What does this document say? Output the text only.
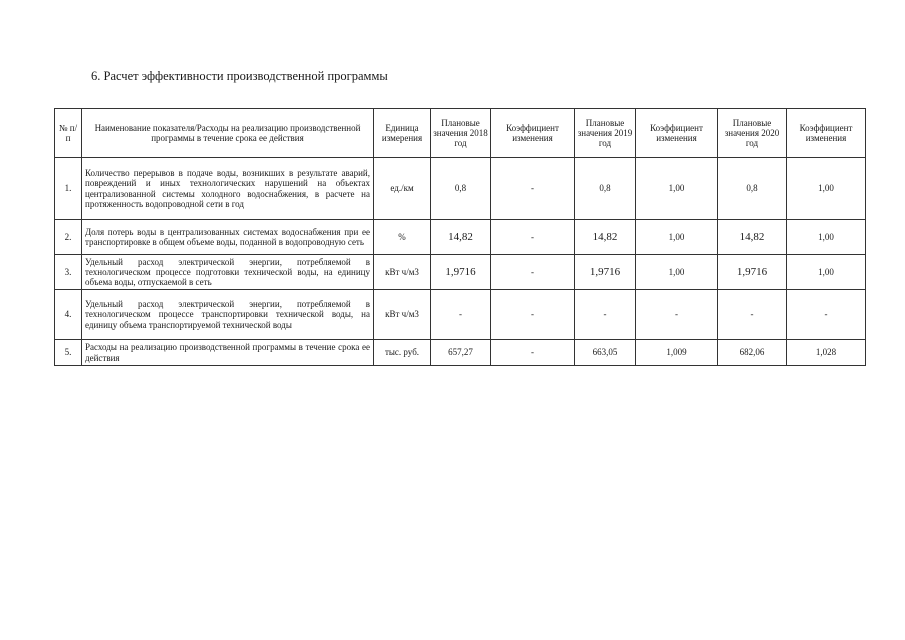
6. Расчет эффективности производственной программы
№ п/п	Наименование показателя/Расходы на реализацию производственной программы в течение срока ее действия	Единица измерения	Плановые значения 2018 год	Коэффициент изменения	Плановые значения 2019 год	Коэффициент изменения	Плановые значения 2020 год	Коэффициент изменения
1.	Количество перерывов в подаче воды, возникших в результате аварий, повреждений и иных технологических нарушений на объектах централизованной системы холодного водоснабжения, в расчете на протяженность водопроводной сети в год	ед./км	0,8	-	0,8	1,00	0,8	1,00
2.	Доля потерь воды в централизованных системах водоснабжения при ее транспортировке в общем объеме воды, поданной в водопроводную сеть	%	14,82	-	14,82	1,00	14,82	1,00
3.	Удельный расход электрической энергии, потребляемой в технологическом процессе подготовки технической воды, на единицу объема воды, отпускаемой в сеть	кВт ч/м3	1,9716	-	1,9716	1,00	1,9716	1,00
4.	Удельный расход электрической энергии, потребляемой в технологическом процессе транспортировки технической воды, на единицу объема транспортируемой технической воды	кВт ч/м3	-	-	-	-	-	-
5.	Расходы на реализацию производственной программы в течение срока ее действия	тыс. руб.	657,27	-	663,05	1,009	682,06	1,028
